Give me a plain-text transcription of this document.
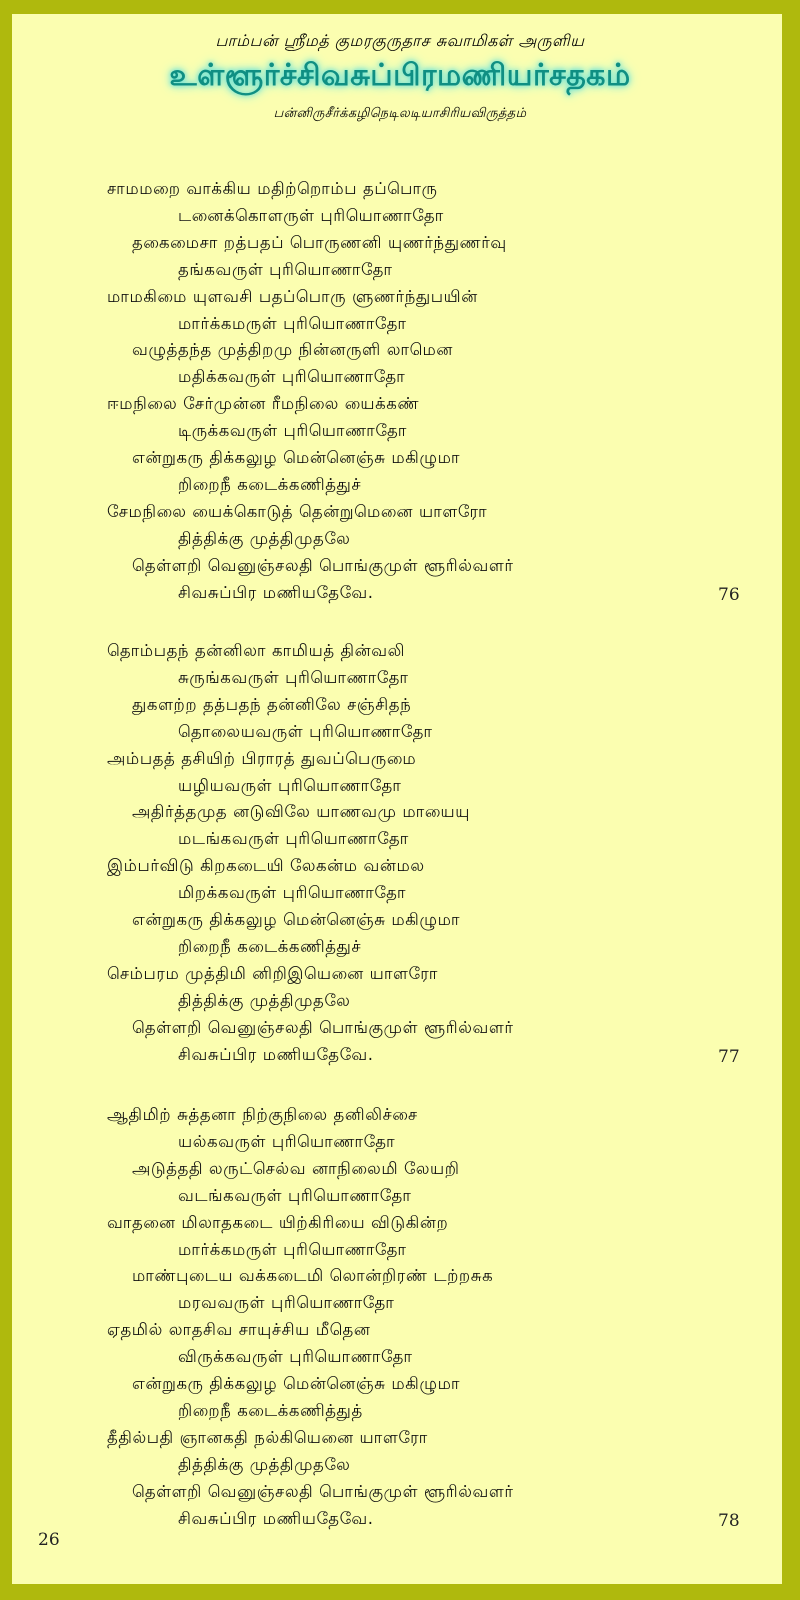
பாம்பன் ஸ்ரீமத் குமரகுருதாச சுவாமிகள் அருளிய
உள்ளூர்ச்சிவசுப்பிரமணியர்சதகம்
பன்னிருசீர்க்கழிநெடிலடியாசிரியவிருத்தம்
சாமமறை வாக்கிய மதிற்றொம்ப தப்பொரு
டனைக்கொளருள் புரியொணாதோ
தகைமைசா றத்பதப் பொருணனி யுணர்ந்துணர்வு
தங்கவருள் புரியொணாதோ
மாமகிமை யுளவசி பதப்பொரு ளுணர்ந்துபயின்
மார்க்கமருள் புரியொணாதோ
வழுத்தந்த முத்திறமு நின்னருளி லாமென
மதிக்கவருள் புரியொணாதோ
ஈமநிலை சேர்முன்ன ரீமநிலை யைக்கண்
டிருக்கவருள் புரியொணாதோ
என்றுகரு திக்கலுழ மென்னெஞ்சு மகிழுமா
றிறைநீ கடைக்கணித்துச்
சேமநிலை யைக்கொடுத் தென்றுமெனை யாளரோ
தித்திக்கு முத்திமுதலே
தெள்ளறி வெனுஞ்சலதி பொங்குமுள் ளூரில்வளர்
சிவசுப்பிர மணியதேவே.	76
தொம்பதந் தன்னிலா காமியத் தின்வலி
சுருங்கவருள் புரியொணாதோ
துகளற்ற தத்பதந் தன்னிலே சஞ்சிதந்
தொலையவருள் புரியொணாதோ
அம்பதத் தசியிற் பிராரத் துவப்பெருமை
யழியவருள் புரியொணாதோ
அதிர்த்தமுத னடுவிலே யாணவமு மாயையு
மடங்கவருள் புரியொணாதோ
இம்பர்விடு கிறகடையி லேகன்ம வன்மல
மிறக்கவருள் புரியொணாதோ
என்றுகரு திக்கலுழ மென்னெஞ்சு மகிழுமா
றிறைநீ கடைக்கணித்துச்
செம்பரம முத்திமி னிறிஇயெனை யாளரோ
தித்திக்கு முத்திமுதலே
தெள்ளறி வெனுஞ்சலதி பொங்குமுள் ளூரில்வளர்
சிவசுப்பிர மணியதேவே.	77
ஆதிமிற் சுத்தனா நிற்குநிலை தனிலிச்சை
யல்கவருள் புரியொணாதோ
அடுத்ததி லருட்செல்வ னாநிலைமி லேயறி
வடங்கவருள் புரியொணாதோ
வாதனை மிலாதகடை யிற்கிரியை விடுகின்ற
மார்க்கமருள் புரியொணாதோ
மாண்புடைய வக்கடைமி லொன்றிரண் டற்றசுக
மரவவருள் புரியொணாதோ
ஏதமில் லாதசிவ சாயுச்சிய மீதென
விருக்கவருள் புரியொணாதோ
என்றுகரு திக்கலுழ மென்னெஞ்சு மகிழுமா
றிறைநீ கடைக்கணித்துத்
தீதில்பதி ஞானகதி நல்கியெனை யாளரோ
தித்திக்கு முத்திமுதலே
தெள்ளறி வெனுஞ்சலதி பொங்குமுள் ளூரில்வளர்
சிவசுப்பிர மணியதேவே.	78
26
